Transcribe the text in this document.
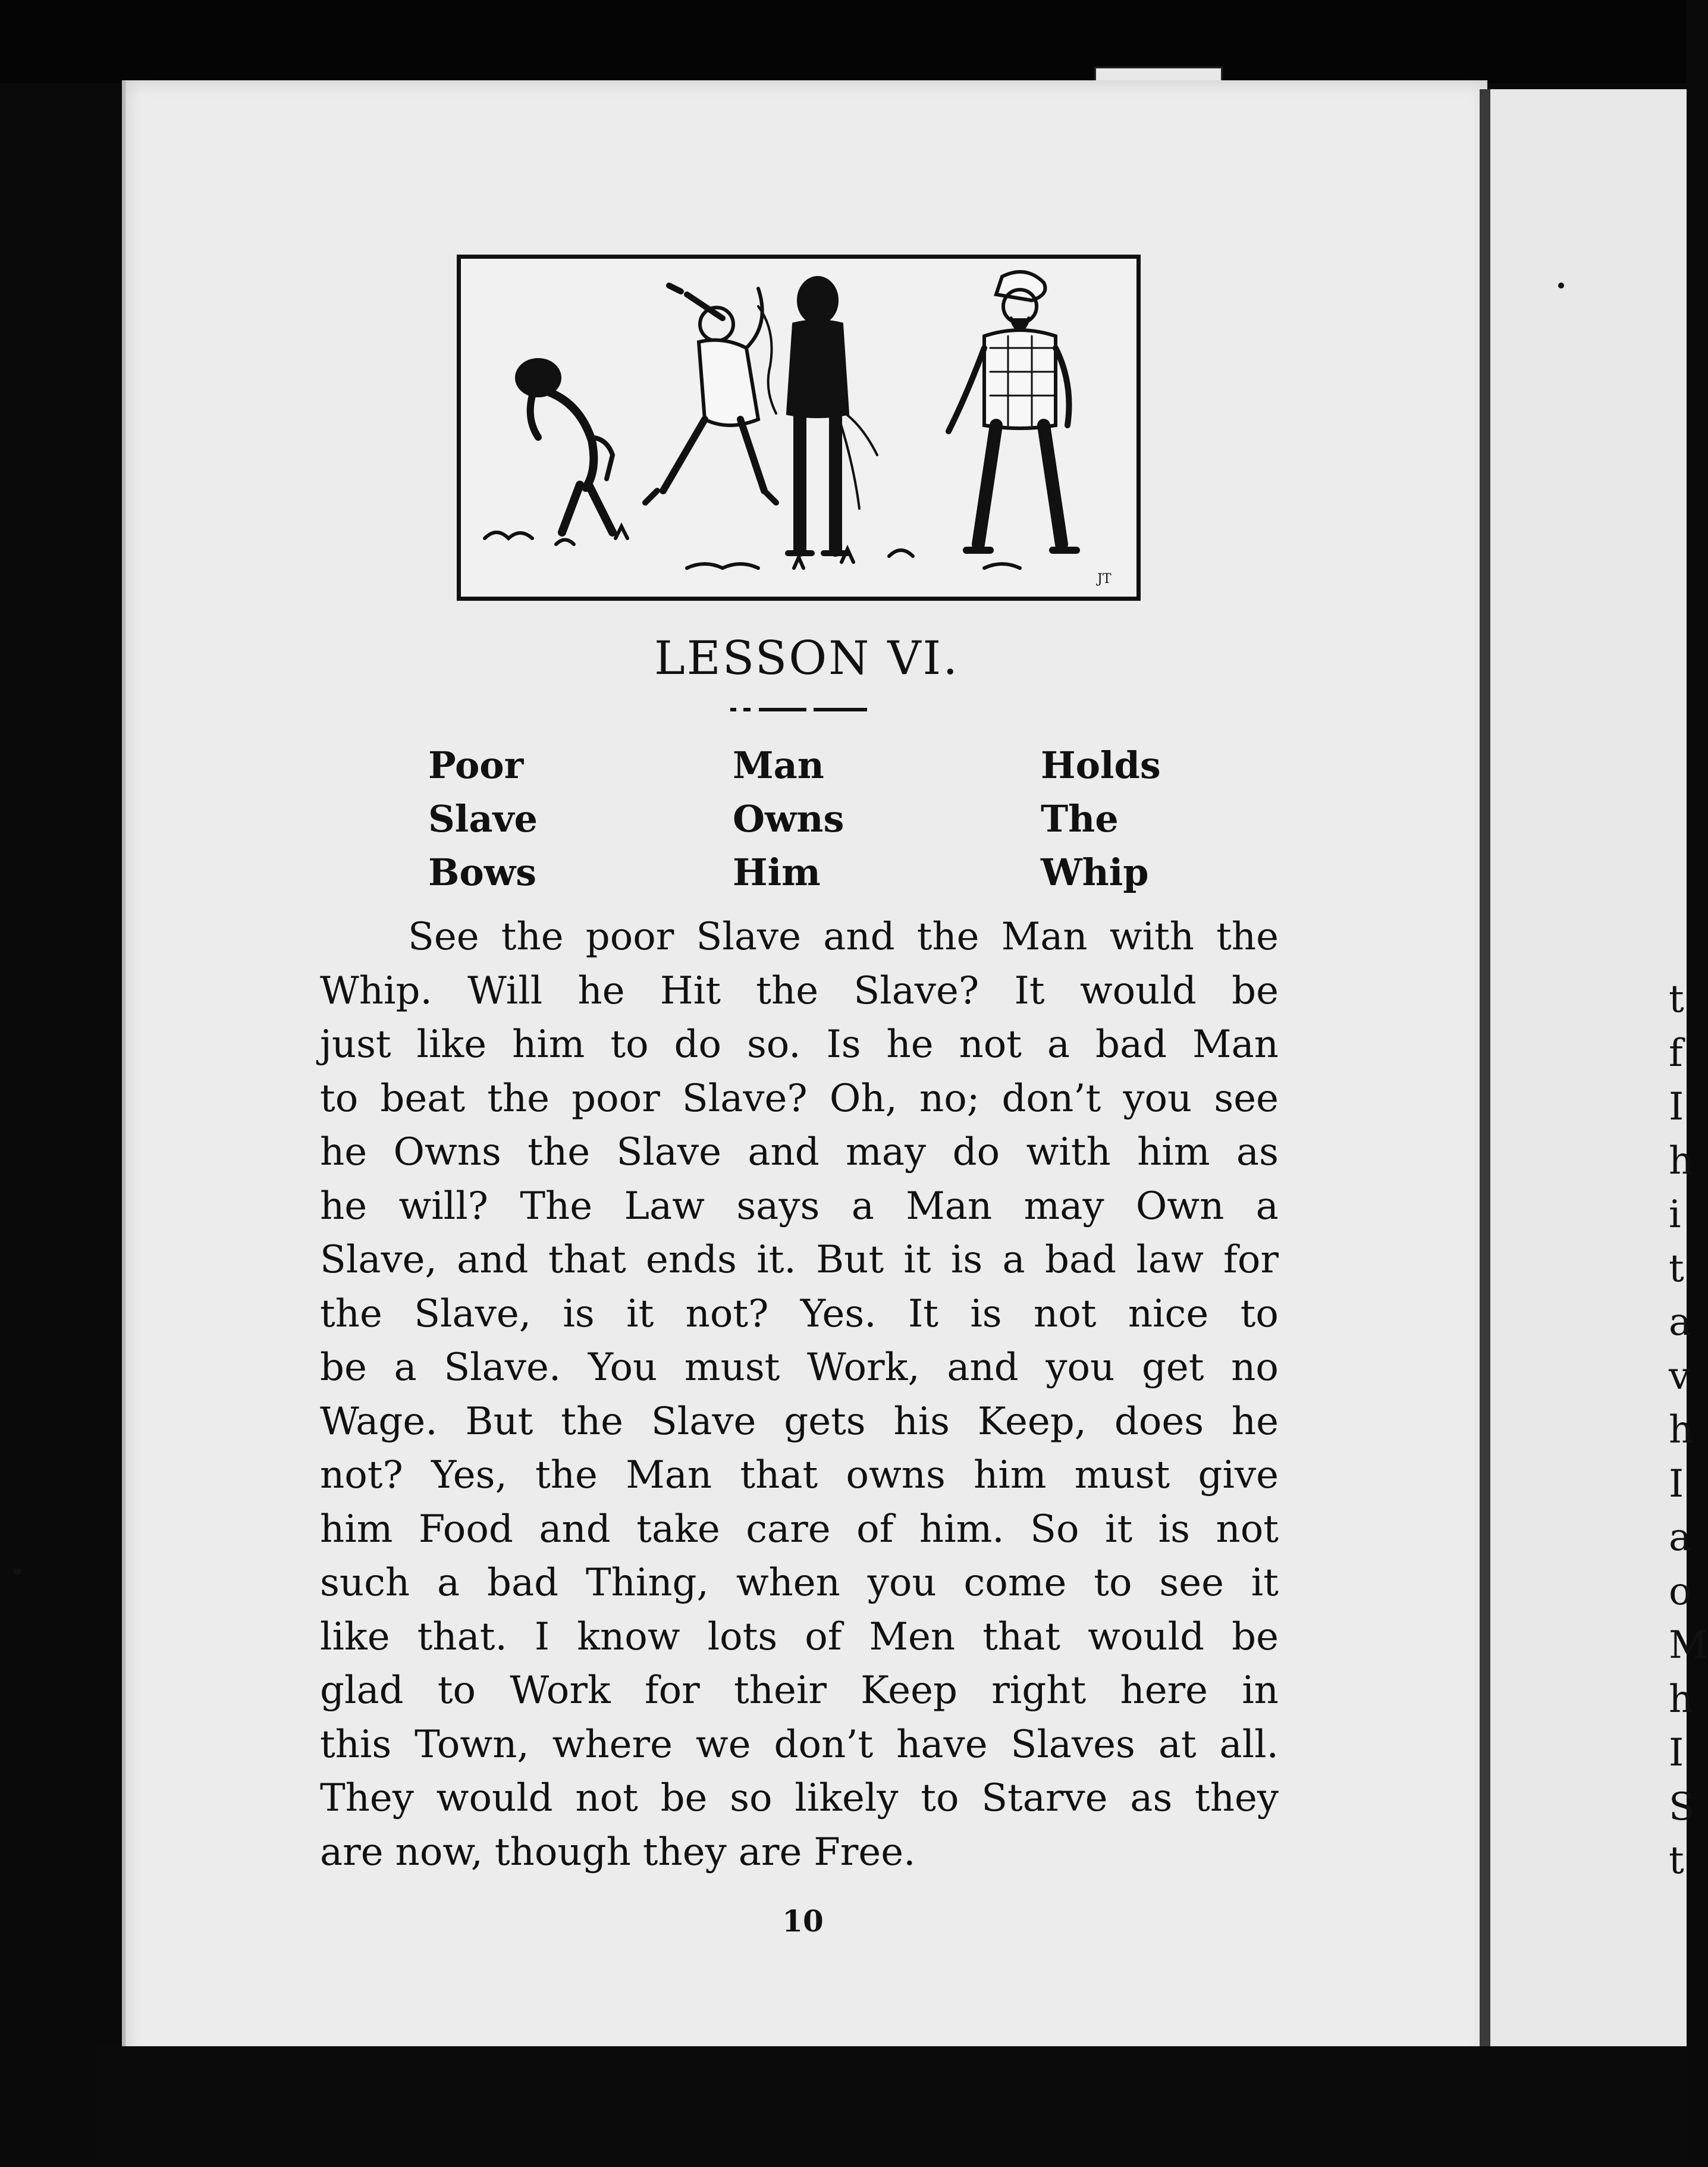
JT
LESSON VI.
Poor
Slave
Bows
Man
Owns
Him
Holds
The
Whip
See the poor Slave and the Man with the
Whip. Will he Hit the Slave? It would be
just like him to do so. Is he not a bad Man
to beat the poor Slave? Oh, no; don’t you see
he Owns the Slave and may do with him as
he will? The Law says a Man may Own a
Slave, and that ends it. But it is a bad law for
the Slave, is it not? Yes. It is not nice to
be a Slave. You must Work, and you get no
Wage. But the Slave gets his Keep, does he
not? Yes, the Man that owns him must give
him Food and take care of him. So it is not
such a bad Thing, when you come to see it
like that. I know lots of Men that would be
glad to Work for their Keep right here in
this Town, where we don’t have Slaves at all.
They would not be so likely to Starve as they
are now, though they are Free.
10
t
f
I
h
i
t
a
v
h
I
a
o
M
h
I
S
t
